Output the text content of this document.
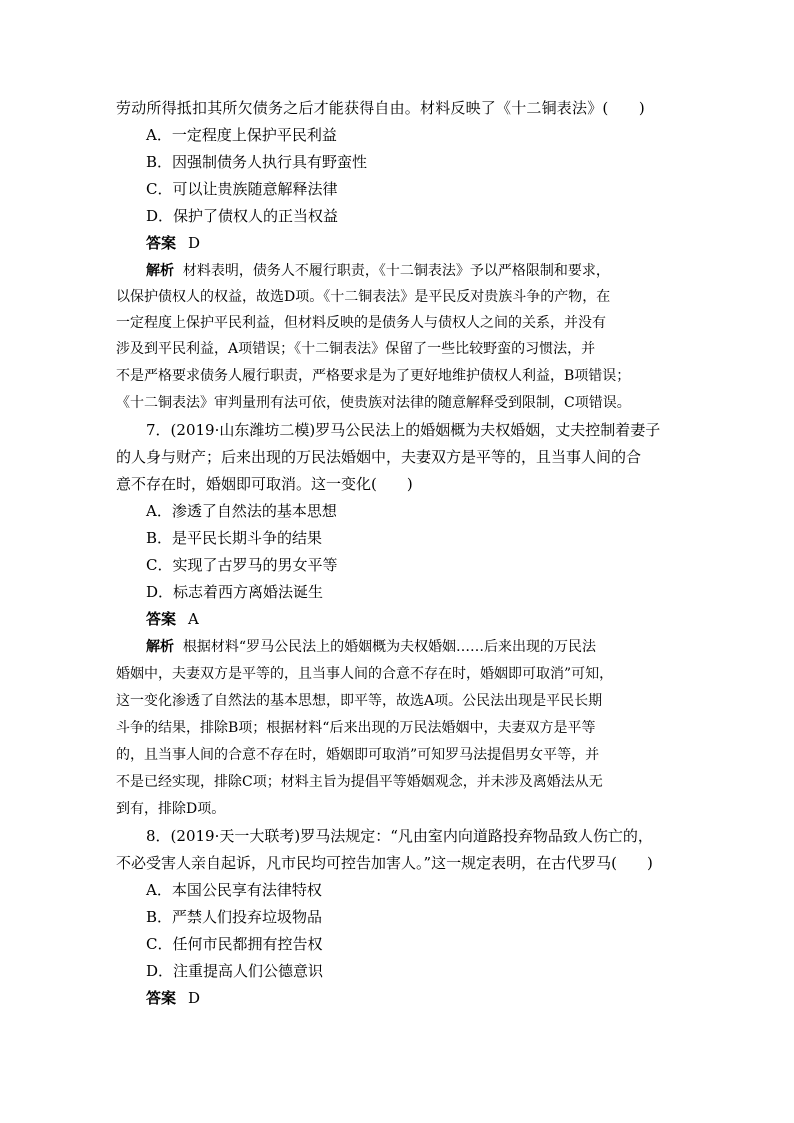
劳动所得抵扣其所欠债务之后才能获得自由。材料反映了《十二铜表法》(　　)
A．一定程度上保护平民利益
B．因强制债务人执行具有野蛮性
C．可以让贵族随意解释法律
D．保护了债权人的正当权益
答案 D
解析 材料表明，债务人不履行职责，《十二铜表法》予以严格限制和要求，
以保护债权人的权益，故选D项。《十二铜表法》是平民反对贵族斗争的产物，在
一定程度上保护平民利益，但材料反映的是债务人与债权人之间的关系，并没有
涉及到平民利益，A项错误；《十二铜表法》保留了一些比较野蛮的习惯法，并
不是严格要求债务人履行职责，严格要求是为了更好地维护债权人利益，B项错误；
《十二铜表法》审判量刑有法可依，使贵族对法律的随意解释受到限制，C项错误。
7．(2019·山东潍坊二模)罗马公民法上的婚姻概为夫权婚姻，丈夫控制着妻子
的人身与财产；后来出现的万民法婚姻中，夫妻双方是平等的，且当事人间的合
意不存在时，婚姻即可取消。这一变化(　　)
A．渗透了自然法的基本思想
B．是平民长期斗争的结果
C．实现了古罗马的男女平等
D．标志着西方离婚法诞生
答案 A
解析 根据材料“罗马公民法上的婚姻概为夫权婚姻……后来出现的万民法
婚姻中，夫妻双方是平等的，且当事人间的合意不存在时，婚姻即可取消”可知，
这一变化渗透了自然法的基本思想，即平等，故选A项。公民法出现是平民长期
斗争的结果，排除B项；根据材料“后来出现的万民法婚姻中，夫妻双方是平等
的，且当事人间的合意不存在时，婚姻即可取消”可知罗马法提倡男女平等，并
不是已经实现，排除C项；材料主旨为提倡平等婚姻观念，并未涉及离婚法从无
到有，排除D项。
8．(2019·天一大联考)罗马法规定：“凡由室内向道路投弃物品致人伤亡的，
不必受害人亲自起诉，凡市民均可控告加害人。”这一规定表明，在古代罗马(　　)
A．本国公民享有法律特权
B．严禁人们投弃垃圾物品
C．任何市民都拥有控告权
D．注重提高人们公德意识
答案 D
